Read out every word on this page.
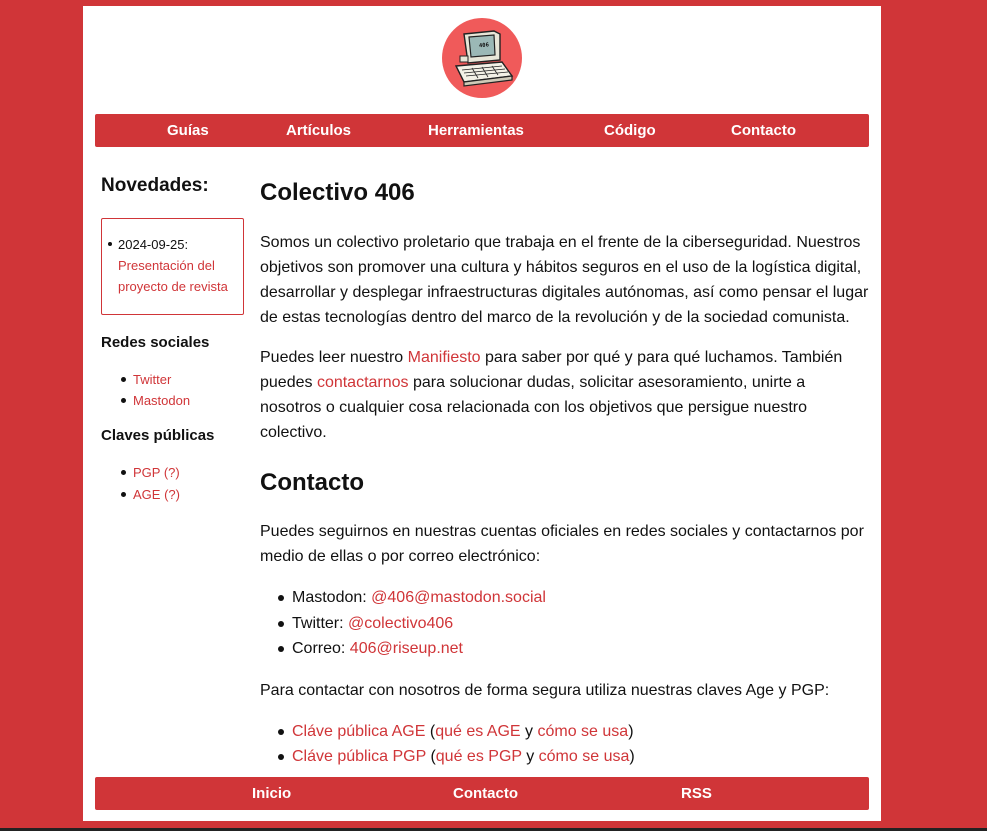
406
Guías	Artículos	Herramientas	Código	Contacto
Novedades:
2024-09-25:
Presentación del proyecto de revista
Redes sociales
Twitter
Mastodon
Claves públicas
PGP (?)
AGE (?)
Colectivo 406

Somos un colectivo proletario que trabaja en el frente de la ciberseguridad. Nuestros objetivos son promover una cultura y hábitos seguros en el uso de la logística digital, desarrollar y desplegar infraestructuras digitales autónomas, así como pensar el lugar de estas tecnologías dentro del marco de la revolución y de la sociedad comunista.

Puedes leer nuestro Manifiesto para saber por qué y para qué luchamos. También puedes contactarnos para solucionar dudas, solicitar asesoramiento, unirte a nosotros o cualquier cosa relacionada con los objetivos que persigue nuestro colectivo.

Contacto

Puedes seguirnos en nuestras cuentas oficiales en redes sociales y contactarnos por medio de ellas o por correo electrónico:

Mastodon: @406@mastodon.social
Twitter: @colectivo406
Correo: 406@riseup.net

Para contactar con nosotros de forma segura utiliza nuestras claves Age y PGP:

Cláve pública AGE (qué es AGE y cómo se usa)
Cláve pública PGP (qué es PGP y cómo se usa)
Inicio	Contacto	RSS
